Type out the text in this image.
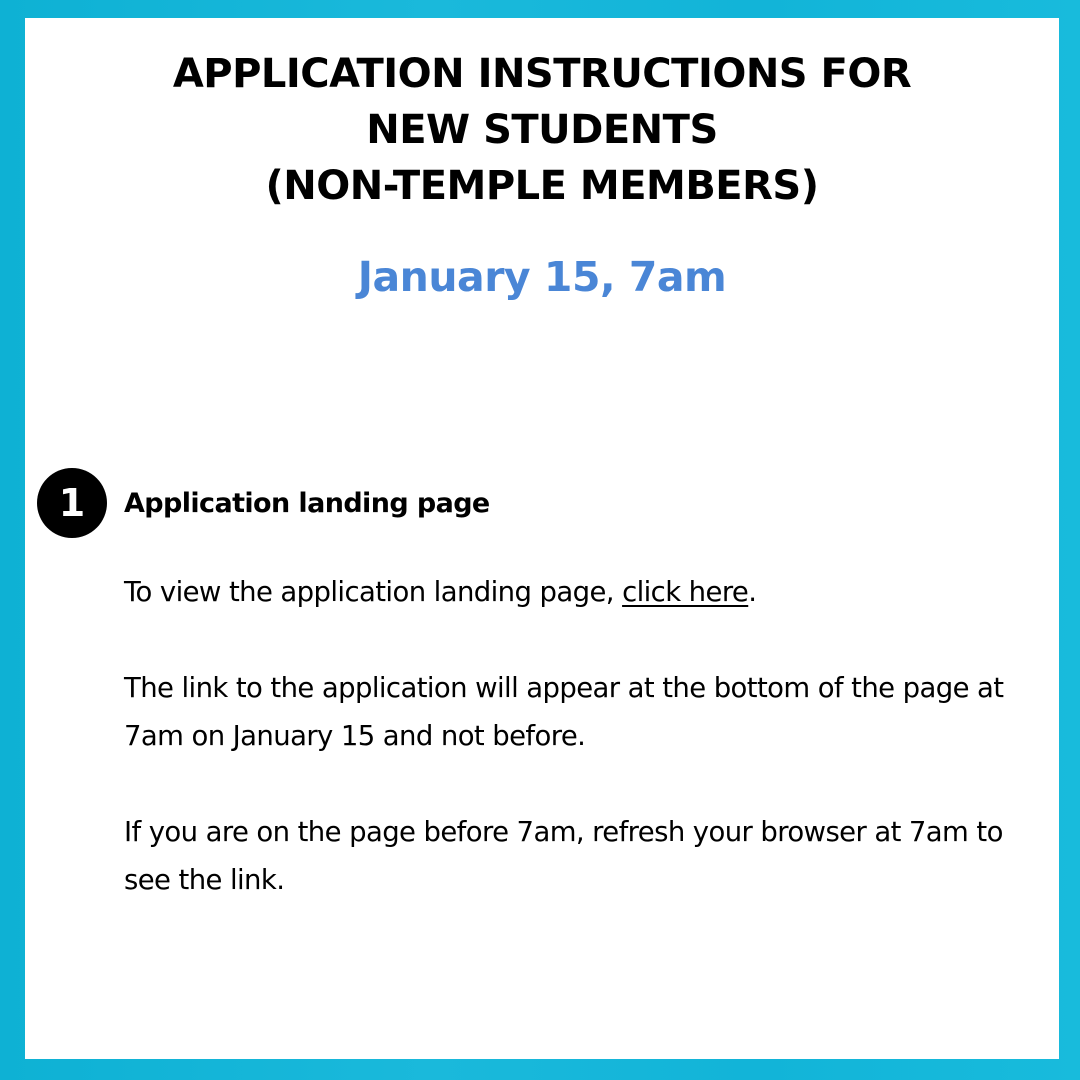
APPLICATION INSTRUCTIONS FOR
NEW STUDENTS
(NON-TEMPLE MEMBERS)
January 15, 7am
1	Application landing page

To view the application landing page, click here.

The link to the application will appear at the bottom of the page at 7am on January 15 and not before.

If you are on the page before 7am, refresh your browser at 7am to see the link.
